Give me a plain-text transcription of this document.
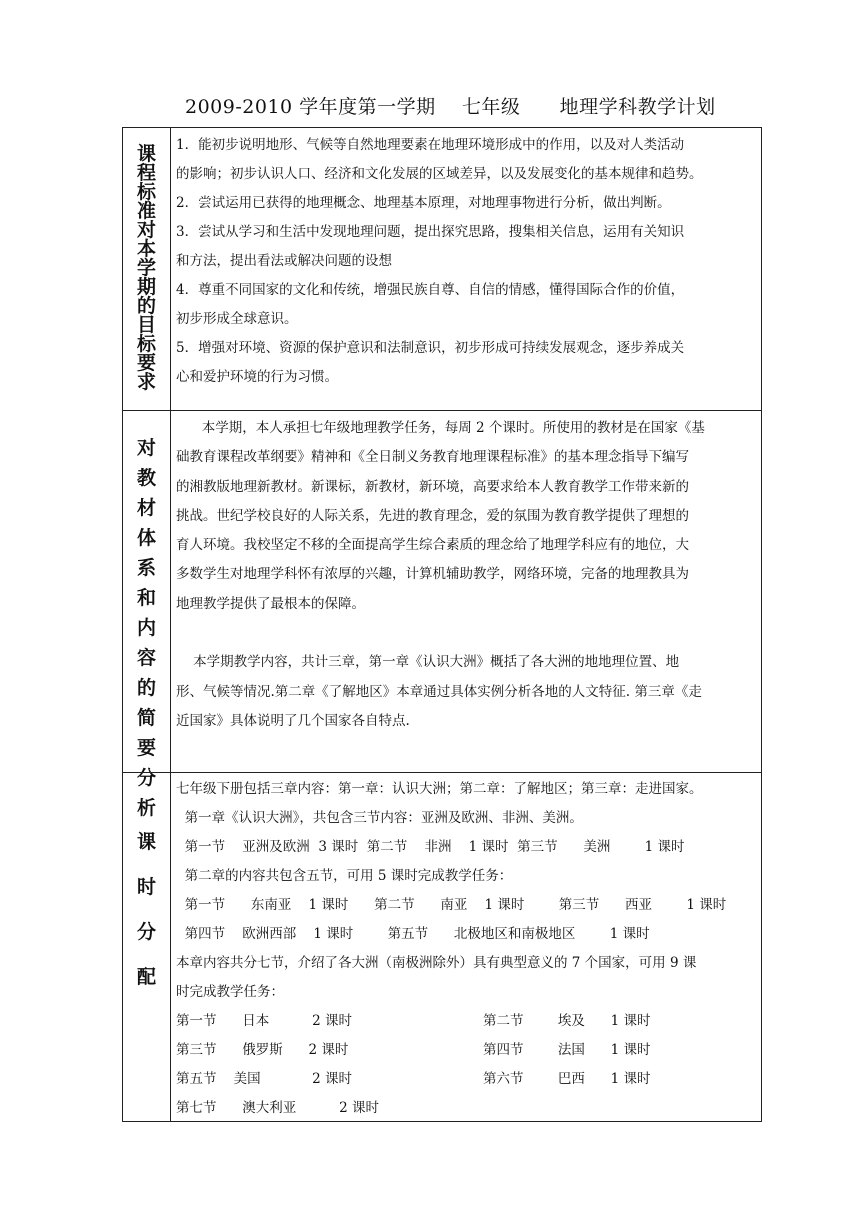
2009-2010 学年度第一学期    七年级      地理学科教学计划
课
程
标
准
对
本
学
期
的
目
标
要
求
1．能初步说明地形、气候等自然地理要素在地理环境形成中的作用，以及对人类活动
的影响；初步认识人口、经济和文化发展的区域差异，以及发展变化的基本规律和趋势。
2．尝试运用已获得的地理概念、地理基本原理，对地理事物进行分析，做出判断。
3．尝试从学习和生活中发现地理问题，提出探究思路，搜集相关信息，运用有关知识
和方法，提出看法或解决问题的设想
4．尊重不同国家的文化和传统，增强民族自尊、自信的情感，懂得国际合作的价值，
初步形成全球意识。
5．增强对环境、资源的保护意识和法制意识，初步形成可持续发展观念，逐步养成关
心和爱护环境的行为习惯。
对
教
材
体
系
和
内
容
的
简
要
分
析
本学期，本人承担七年级地理教学任务，每周 2 个课时。所使用的教材是在国家《基
础教育课程改革纲要》精神和《全日制义务教育地理课程标准》的基本理念指导下编写
的湘教版地理新教材。新课标，新教材，新环境，高要求给本人教育教学工作带来新的
挑战。世纪学校良好的人际关系，先进的教育理念，爱的氛围为教育教学提供了理想的
育人环境。我校坚定不移的全面提高学生综合素质的理念给了地理学科应有的地位，大
多数学生对地理学科怀有浓厚的兴趣，计算机辅助教学，网络环境，完备的地理教具为
地理教学提供了最根本的保障。
本学期教学内容，共计三章，第一章《认识大洲》概括了各大洲的地地理位置、地
形、气候等情况.第二章《了解地区》本章通过具体实例分析各地的人文特征. 第三章《走
近国家》具体说明了几个国家各自特点.
课
时
分
配
七年级下册包括三章内容：第一章：认识大洲；第二章：了解地区；第三章：走进国家。
第一章《认识大洲》，共包含三节内容：亚洲及欧洲、非洲、美洲。
第一节    亚洲及欧洲  3 课时  第二节    非洲    1 课时  第三节      美洲        1 课时
第二章的内容共包含五节，可用 5 课时完成教学任务：
第一节      东南亚    1 课时      第二节      南亚    1 课时        第三节      西亚        1 课时
第四节    欧洲西部    1 课时        第五节      北极地区和南极地区        1 课时
本章内容共分七节，介绍了各大洲（南极洲除外）具有典型意义的 7 个国家，可用 9 课
时完成教学任务：
第一节      日本          2 课时	第二节        埃及      1 课时
第三节      俄罗斯      2 课时	第四节        法国      1 课时
第五节    美国            2 课时	第六节        巴西      1 课时
第七节      澳大利亚          2 课时
